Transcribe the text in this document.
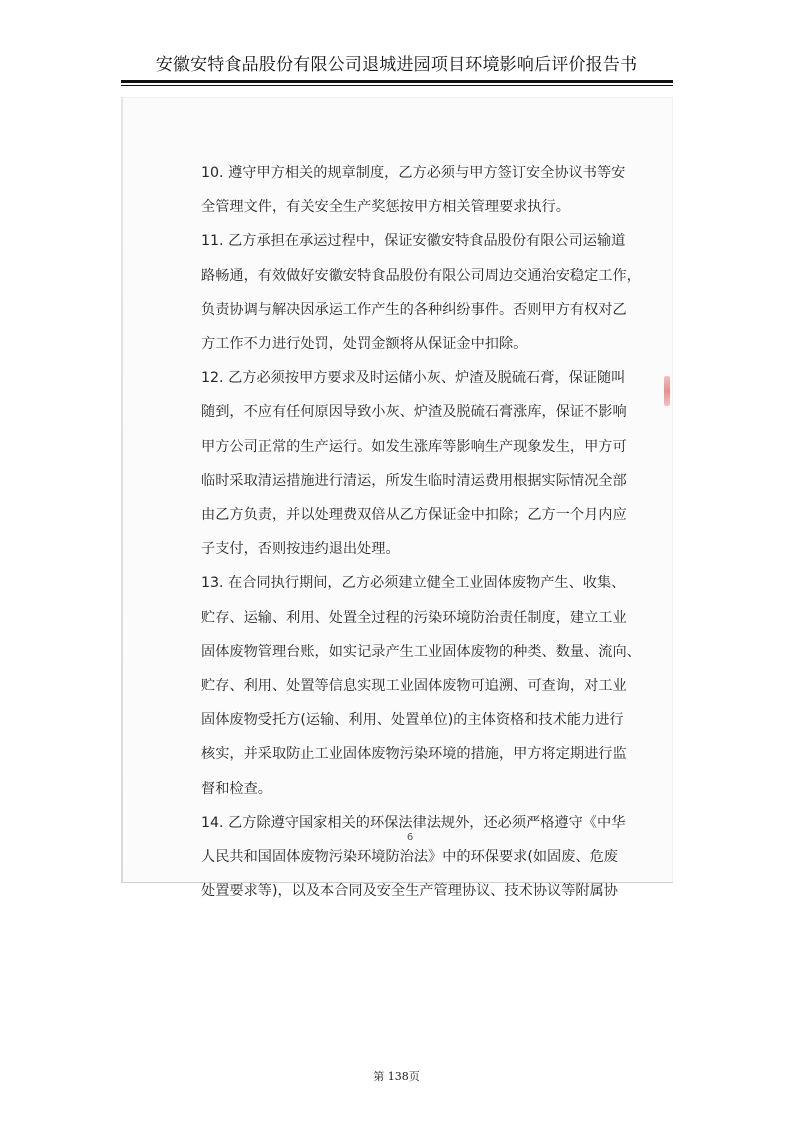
安徽安特食品股份有限公司退城进园项目环境影响后评价报告书

10. 遵守甲方相关的规章制度，乙方必须与甲方签订安全协议书等安

全管理文件，有关安全生产奖惩按甲方相关管理要求执行。

11. 乙方承担在承运过程中，保证安徽安特食品股份有限公司运输道

路畅通，有效做好安徽安特食品股份有限公司周边交通治安稳定工作，

负责协调与解决因承运工作产生的各种纠纷事件。否则甲方有权对乙

方工作不力进行处罚，处罚金额将从保证金中扣除。

12. 乙方必须按甲方要求及时运储小灰、炉渣及脱硫石膏，保证随叫

随到，不应有任何原因导致小灰、炉渣及脱硫石膏涨库，保证不影响

甲方公司正常的生产运行。如发生涨库等影响生产现象发生，甲方可

临时采取清运措施进行清运，所发生临时清运费用根据实际情况全部

由乙方负责，并以处理费双倍从乙方保证金中扣除；乙方一个月内应

子支付，否则按违约退出处理。

13. 在合同执行期间，乙方必须建立健全工业固体废物产生、收集、

贮存、运输、利用、处置全过程的污染环境防治责任制度，建立工业

固体废物管理台账，如实记录产生工业固体废物的种类、数量、流向、

贮存、利用、处置等信息实现工业固体废物可追溯、可查询，对工业

固体废物受托方(运输、利用、处置单位)的主体资格和技术能力进行

核实，并采取防止工业固体废物污染环境的措施，甲方将定期进行监

督和检查。

14. 乙方除遵守国家相关的环保法律法规外，还必须严格遵守《中华

人民共和国固体废物污染环境防治法》中的环保要求(如固废、危废

处置要求等)，以及本合同及安全生产管理协议、技术协议等附属协

6
第 138页
